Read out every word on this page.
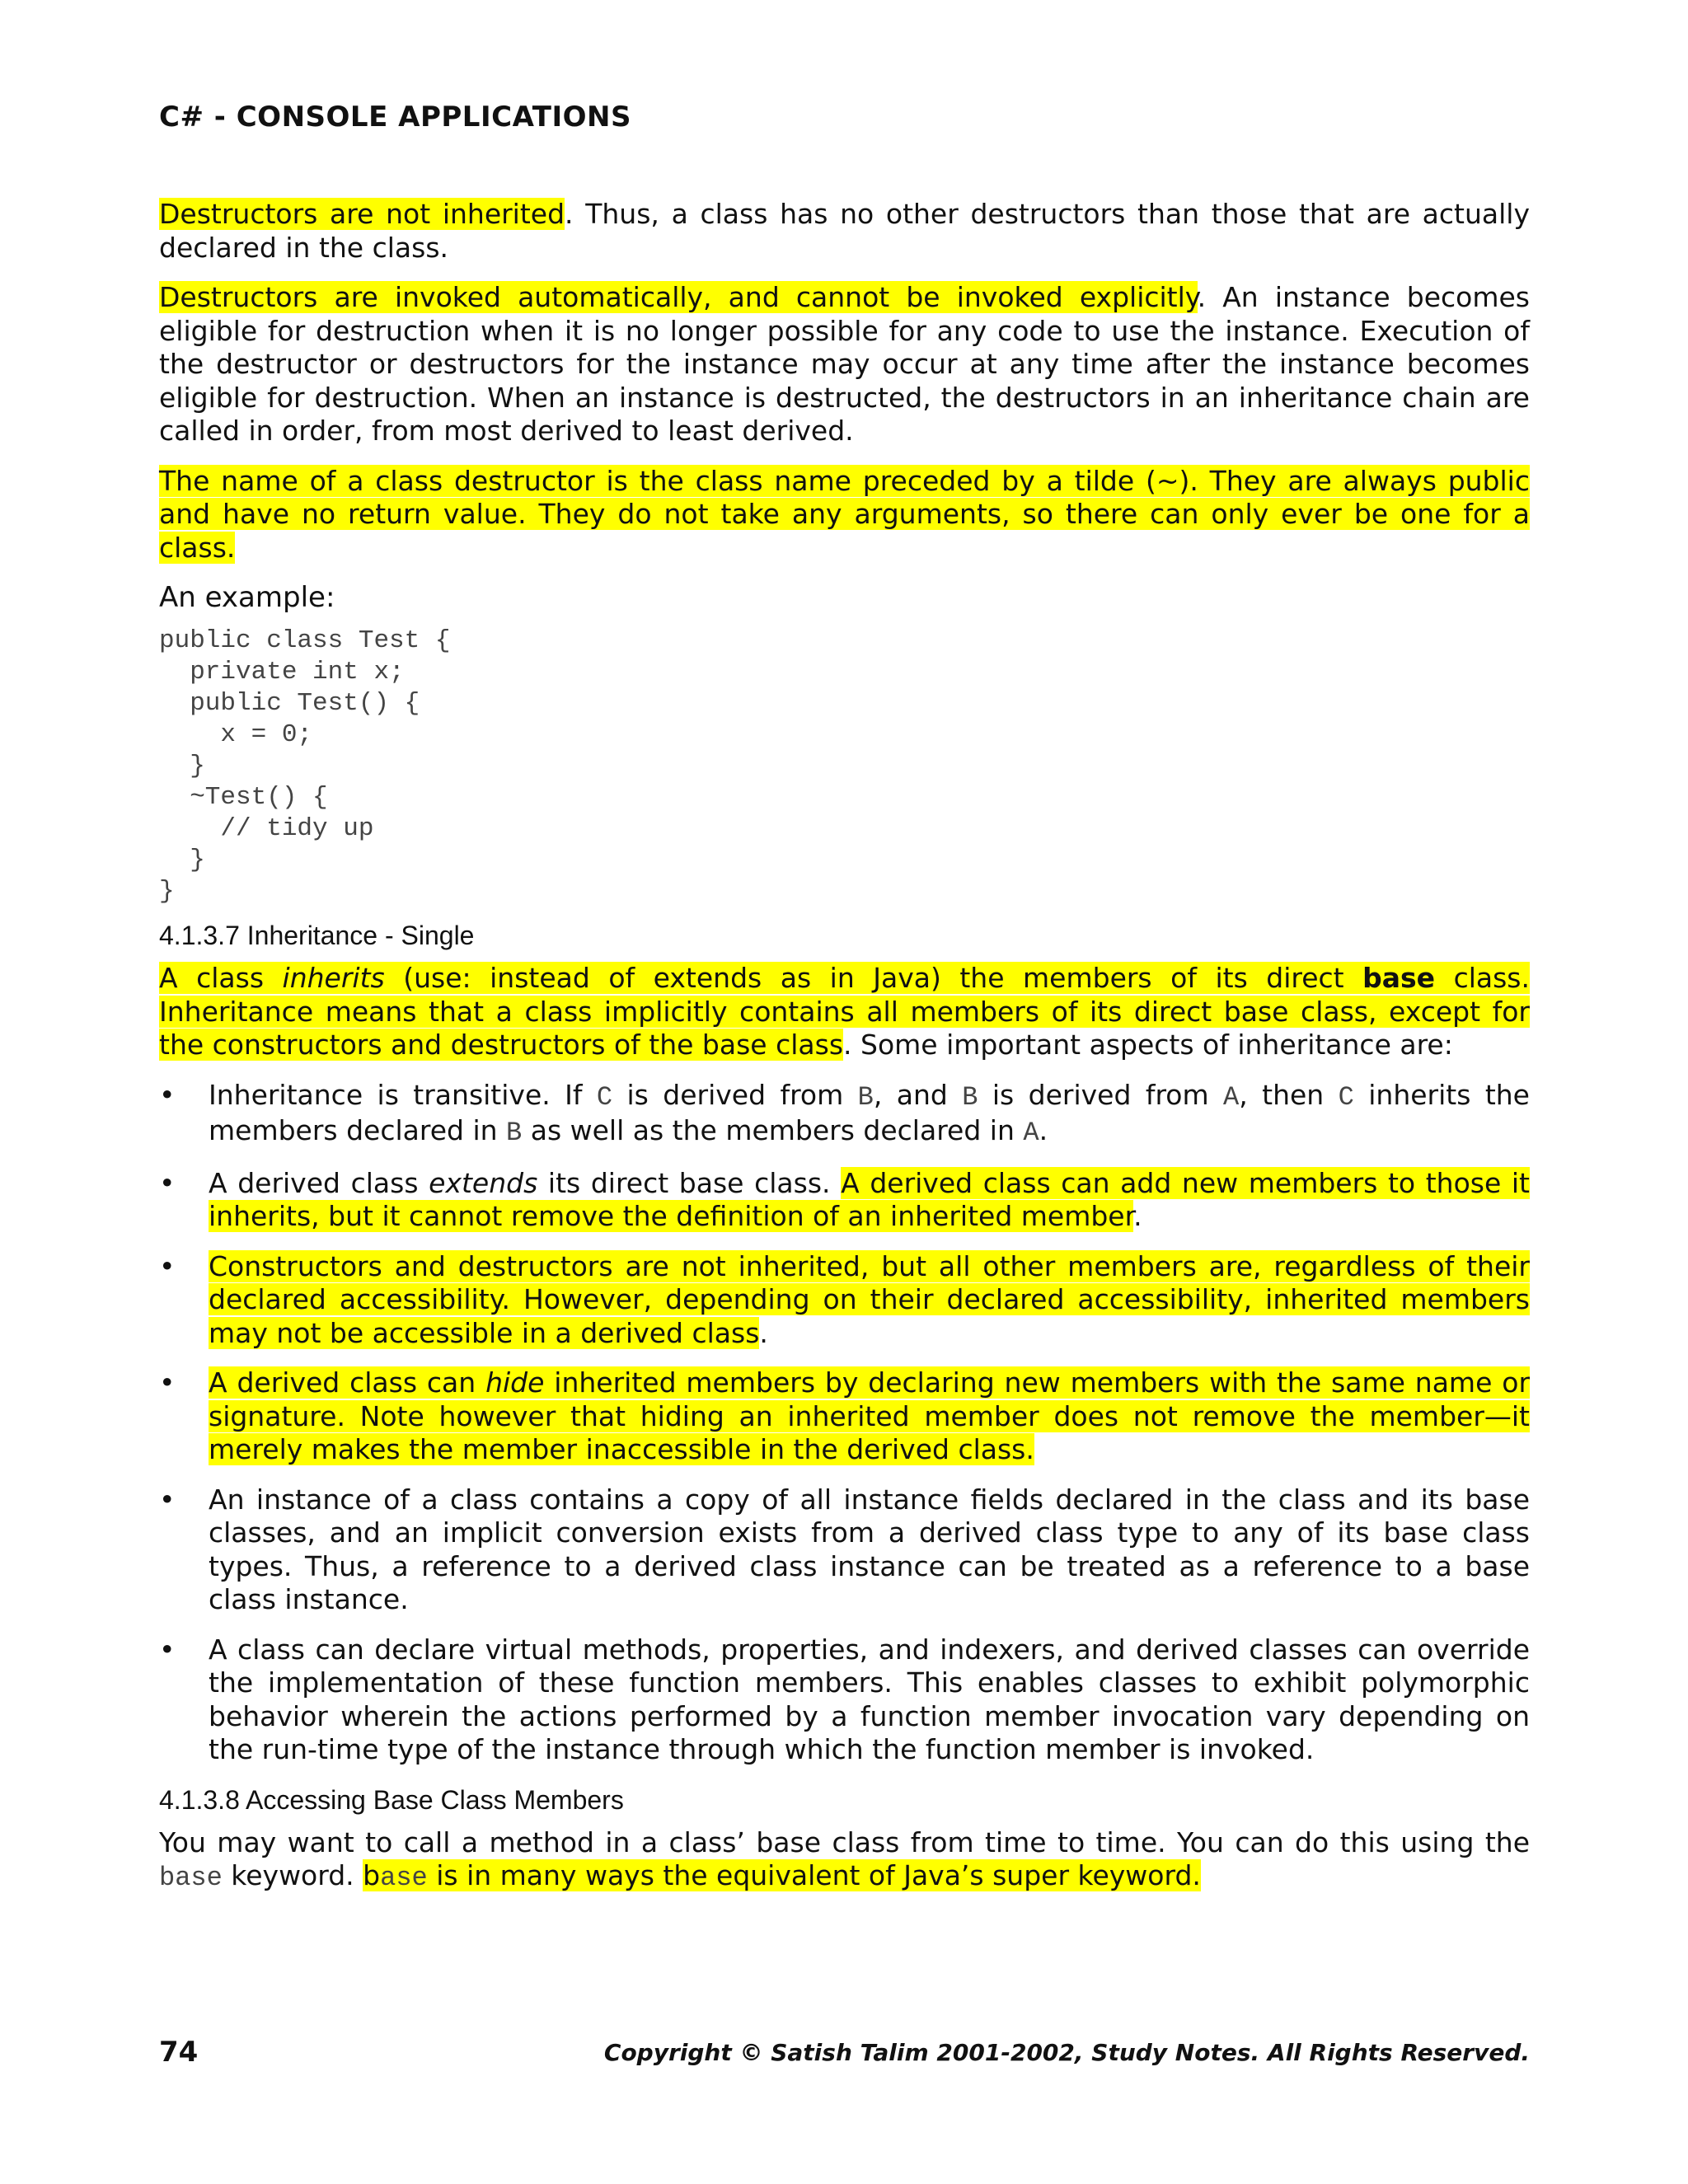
C# - CONSOLE APPLICATIONS

Destructors are not inherited. Thus, a class has no other destructors than those that are actually declared in the class.

Destructors are invoked automatically, and cannot be invoked explicitly. An instance becomes eligible for destruction when it is no longer possible for any code to use the instance. Execution of the destructor or destructors for the instance may occur at any time after the instance becomes eligible for destruction. When an instance is destructed, the destructors in an inheritance chain are called in order, from most derived to least derived.

The name of a class destructor is the class name preceded by a tilde (~). They are always public and have no return value. They do not take any arguments, so there can only ever be one for a class.

An example:

public class Test {
private int x;
public Test() {
x = 0;
}
~Test() {
// tidy up
}
}
4.1.3.7 Inheritance - Single

A class inherits (use: instead of extends as in Java) the members of its direct base class. Inheritance means that a class implicitly contains all members of its direct base class, except for the constructors and destructors of the base class. Some important aspects of inheritance are:

• Inheritance is transitive. If C is derived from B, and B is derived from A, then C inherits the members declared in B as well as the members declared in A.
• A derived class extends its direct base class. A derived class can add new members to those it inherits, but it cannot remove the definition of an inherited member.
• Constructors and destructors are not inherited, but all other members are, regardless of their declared accessibility. However, depending on their declared accessibility, inherited members may not be accessible in a derived class.
• A derived class can hide inherited members by declaring new members with the same name or signature. Note however that hiding an inherited member does not remove the member—it merely makes the member inaccessible in the derived class.
• An instance of a class contains a copy of all instance fields declared in the class and its base classes, and an implicit conversion exists from a derived class type to any of its base class types. Thus, a reference to a derived class instance can be treated as a reference to a base class instance.
• A class can declare virtual methods, properties, and indexers, and derived classes can override the implementation of these function members. This enables classes to exhibit polymorphic behavior wherein the actions performed by a function member invocation vary depending on the run-time type of the instance through which the function member is invoked.
4.1.3.8 Accessing Base Class Members

You may want to call a method in a class’ base class from time to time. You can do this using the base keyword. base is in many ways the equivalent of Java’s super keyword.

74	Copyright © Satish Talim 2001-2002, Study Notes. All Rights Reserved.
